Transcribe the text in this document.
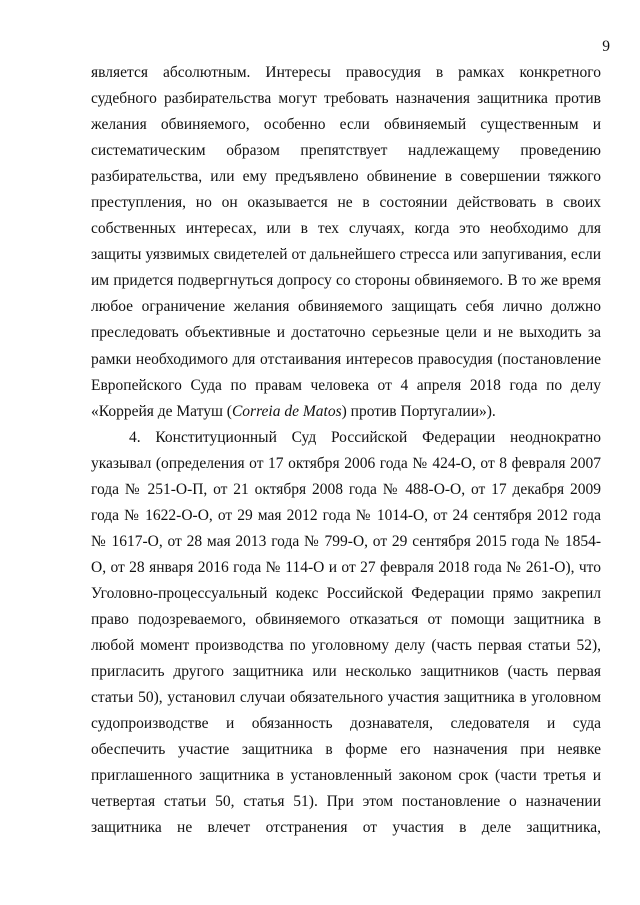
9
является абсолютным. Интересы правосудия в рамках конкретного
судебного разбирательства могут требовать назначения защитника против
желания обвиняемого, особенно если обвиняемый существенным и
систематическим образом препятствует надлежащему проведению
разбирательства, или ему предъявлено обвинение в совершении тяжкого
преступления, но он оказывается не в состоянии действовать в своих
собственных интересах, или в тех случаях, когда это необходимо для
защиты уязвимых свидетелей от дальнейшего стресса или запугивания, если
им придется подвергнуться допросу со стороны обвиняемого. В то же время
любое ограничение желания обвиняемого защищать себя лично должно
преследовать объективные и достаточно серьезные цели и не выходить за
рамки необходимого для отстаивания интересов правосудия (постановление
Европейского Суда по правам человека от 4 апреля 2018 года по делу
«Коррейя де Матуш (Correia de Matos) против Португалии»).
4. Конституционный Суд Российской Федерации неоднократно
указывал (определения от 17 октября 2006 года № 424-О, от 8 февраля 2007
года № 251-О-П, от 21 октября 2008 года № 488-О-О, от 17 декабря 2009
года № 1622-О-О, от 29 мая 2012 года № 1014-О, от 24 сентября 2012 года
№ 1617-О, от 28 мая 2013 года № 799-О, от 29 сентября 2015 года № 1854-
О, от 28 января 2016 года № 114-О и от 27 февраля 2018 года № 261-О), что
Уголовно-процессуальный кодекс Российской Федерации прямо закрепил
право подозреваемого, обвиняемого отказаться от помощи защитника в
любой момент производства по уголовному делу (часть первая статьи 52),
пригласить другого защитника или несколько защитников (часть первая
статьи 50), установил случаи обязательного участия защитника в уголовном
судопроизводстве и обязанность дознавателя, следователя и суда
обеспечить участие защитника в форме его назначения при неявке
приглашенного защитника в установленный законом срок (части третья и
четвертая статьи 50, статья 51). При этом постановление о назначении
защитника не влечет отстранения от участия в деле защитника,
